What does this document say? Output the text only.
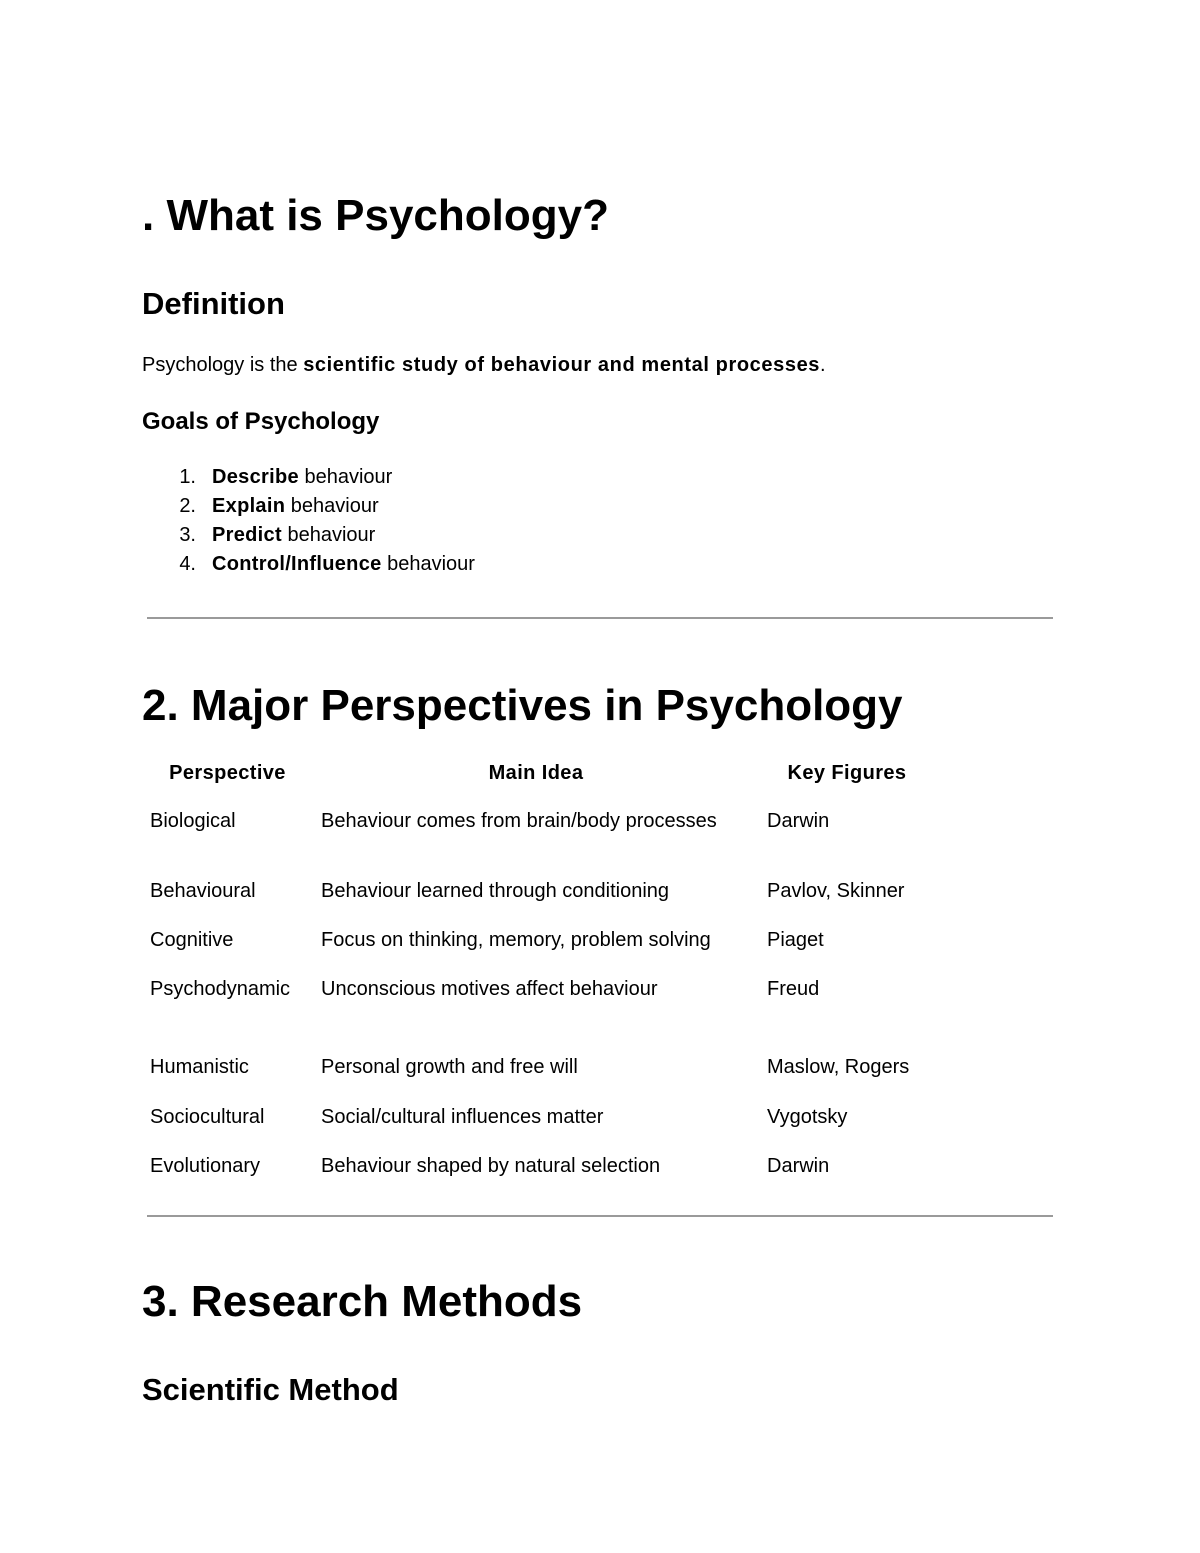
. What is Psychology?
Definition

Psychology is the scientific study of behaviour and mental processes.

Goals of Psychology
1. Describe behaviour
2. Explain behaviour
3. Predict behaviour
4. Control/Influence behaviour
2. Major Perspectives in Psychology
Perspective	Main Idea	Key Figures
Biological	Behaviour comes from brain/body processes	Darwin
Behavioural	Behaviour learned through conditioning	Pavlov, Skinner
Cognitive	Focus on thinking, memory, problem solving	Piaget
Psychodynamic	Unconscious motives affect behaviour	Freud
Humanistic	Personal growth and free will	Maslow, Rogers
Sociocultural	Social/cultural influences matter	Vygotsky
Evolutionary	Behaviour shaped by natural selection	Darwin
3. Research Methods
Scientific Method
